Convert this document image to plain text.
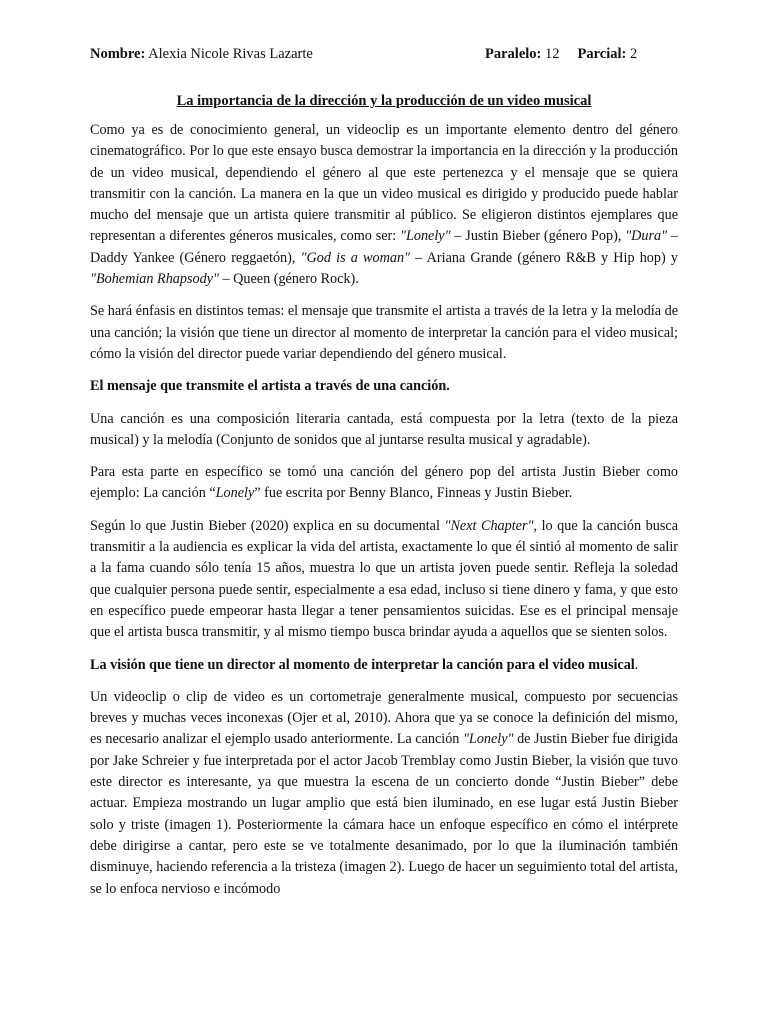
Nombre: Alexia Nicole Rivas Lazarte	Paralelo: 12 Parcial: 2
La importancia de la dirección y la producción de un video musical

Como ya es de conocimiento general, un videoclip es un importante elemento dentro del género cinematográfico. Por lo que este ensayo busca demostrar la importancia en la dirección y la producción de un video musical, dependiendo el género al que este pertenezca y el mensaje que se quiera transmitir con la canción. La manera en la que un video musical es dirigido y producido puede hablar mucho del mensaje que un artista quiere transmitir al público. Se eligieron distintos ejemplares que representan a diferentes géneros musicales, como ser: "Lonely" – Justin Bieber (género Pop), "Dura" – Daddy Yankee (Género reggaetón), "God is a woman" – Ariana Grande (género R&B y Hip hop) y "Bohemian Rhapsody" – Queen (género Rock).

Se hará énfasis en distintos temas: el mensaje que transmite el artista a través de la letra y la melodía de una canción; la visión que tiene un director al momento de interpretar la canción para el video musical; cómo la visión del director puede variar dependiendo del género musical.

El mensaje que transmite el artista a través de una canción.

Una canción es una composición literaria cantada, está compuesta por la letra (texto de la pieza musical) y la melodía (Conjunto de sonidos que al juntarse resulta musical y agradable).

Para esta parte en específico se tomó una canción del género pop del artista Justin Bieber como ejemplo: La canción “Lonely” fue escrita por Benny Blanco, Finneas y Justin Bieber.

Según lo que Justin Bieber (2020) explica en su documental "Next Chapter", lo que la canción busca transmitir a la audiencia es explicar la vida del artista, exactamente lo que él sintió al momento de salir a la fama cuando sólo tenía 15 años, muestra lo que un artista joven puede sentir. Refleja la soledad que cualquier persona puede sentir, especialmente a esa edad, incluso si tiene dinero y fama, y que esto en específico puede empeorar hasta llegar a tener pensamientos suicidas. Ese es el principal mensaje que el artista busca transmitir, y al mismo tiempo busca brindar ayuda a aquellos que se sienten solos.

La visión que tiene un director al momento de interpretar la canción para el video musical.

Un videoclip o clip de video es un cortometraje generalmente musical, compuesto por secuencias breves y muchas veces inconexas (Ojer et al, 2010). Ahora que ya se conoce la definición del mismo, es necesario analizar el ejemplo usado anteriormente. La canción "Lonely" de Justin Bieber fue dirigida por Jake Schreier y fue interpretada por el actor Jacob Tremblay como Justin Bieber, la visión que tuvo este director es interesante, ya que muestra la escena de un concierto donde “Justin Bieber” debe actuar. Empieza mostrando un lugar amplio que está bien iluminado, en ese lugar está Justin Bieber solo y triste (imagen 1). Posteriormente la cámara hace un enfoque específico en cómo el intérprete debe dirigirse a cantar, pero este se ve totalmente desanimado, por lo que la iluminación también disminuye, haciendo referencia a la tristeza (imagen 2). Luego de hacer un seguimiento total del artista, se lo enfoca nervioso e incómodo
